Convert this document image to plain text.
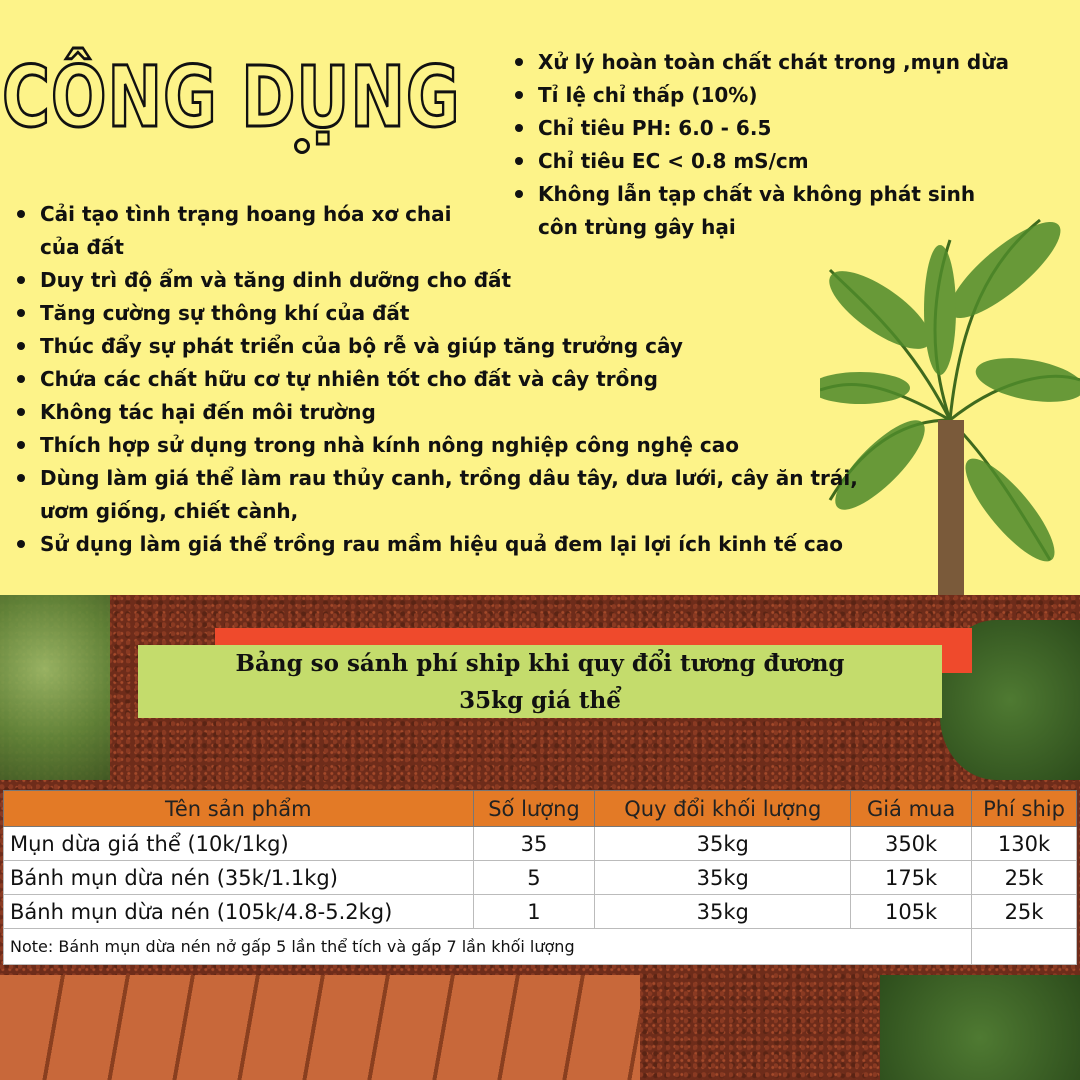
CÔNG DỤNG	Xử lý hoàn toàn chất chát trong ,mụn dừa
Tỉ lệ chỉ thấp (10%)
Chỉ tiêu PH: 6.0 - 6.5
Chỉ tiêu EC < 0.8 mS/cm
Không lẫn tạp chất và không phát sinh côn trùng gây hại
Cải tạo tình trạng hoang hóa xơ chai của đất
Duy trì độ ẩm và tăng dinh dưỡng cho đất
Tăng cường sự thông khí của đất
Thúc đẩy sự phát triển của bộ rễ và giúp tăng trưởng cây
Chứa các chất hữu cơ tự nhiên tốt cho đất và cây trồng
Không tác hại đến môi trường
Thích hợp sử dụng trong nhà kính nông nghiệp công nghệ cao
Dùng làm giá thể làm rau thủy canh, trồng dâu tây, dưa lưới, cây ăn trái, ươm giống, chiết cành,
Sử dụng làm giá thể trồng rau mầm hiệu quả đem lại lợi ích kinh tế cao
Bảng so sánh phí ship khi quy đổi tương đương
35kg giá thể
Tên sản phẩm	Số lượng	Quy đổi khối lượng	Giá mua	Phí ship
Mụn dừa giá thể (10k/1kg)	35	35kg	350k	130k
Bánh mụn dừa nén (35k/1.1kg)	5	35kg	175k	25k
Bánh mụn dừa nén (105k/4.8-5.2kg)	1	35kg	105k	25k
Note: Bánh mụn dừa nén nở gấp 5 lần thể tích và gấp 7 lần khối lượng				
